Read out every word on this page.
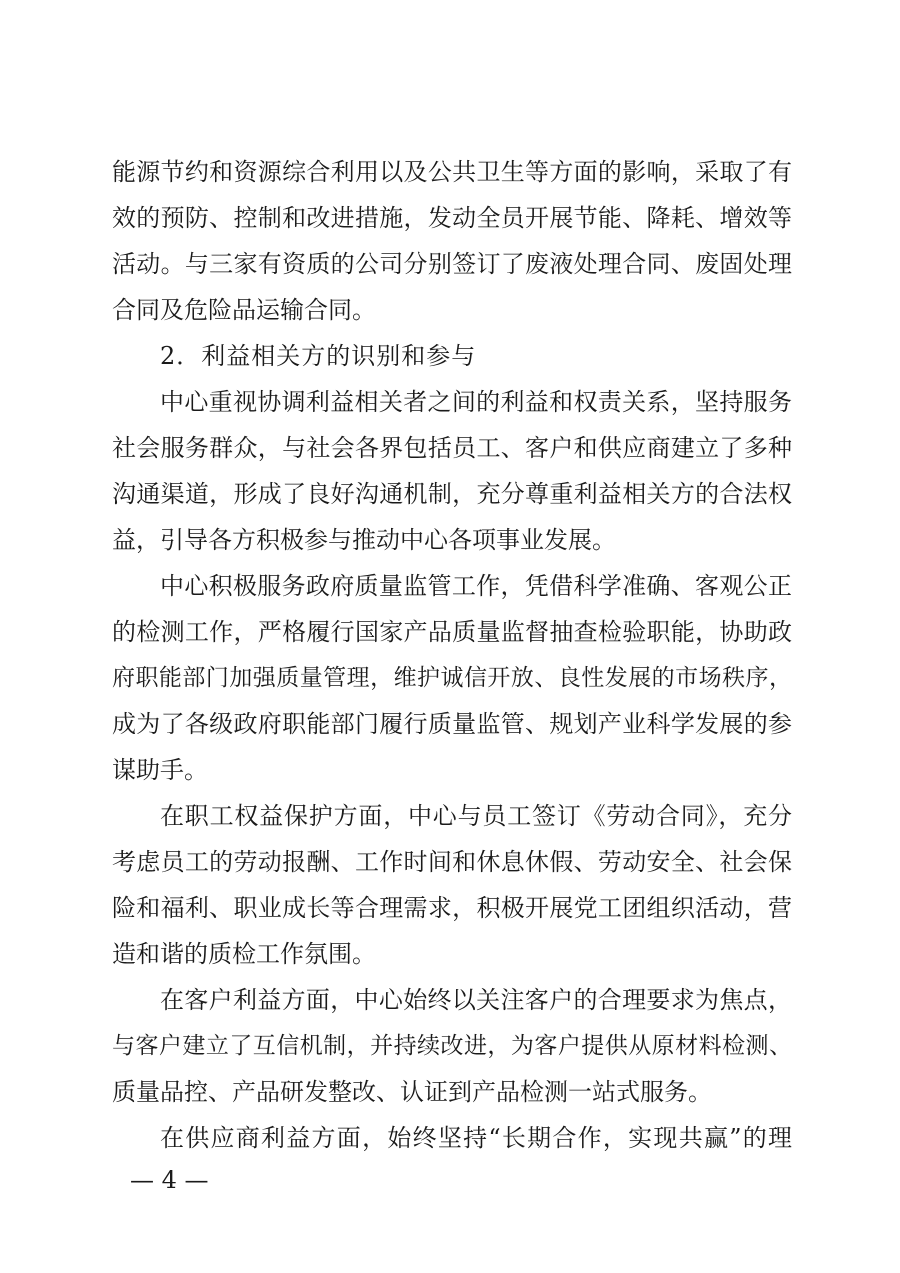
能源节约和资源综合利用以及公共卫生等方面的影响，采取了有
效的预防、控制和改进措施，发动全员开展节能、降耗、增效等
活动。与三家有资质的公司分别签订了废液处理合同、废固处理
合同及危险品运输合同。
2．利益相关方的识别和参与
中心重视协调利益相关者之间的利益和权责关系，坚持服务
社会服务群众，与社会各界包括员工、客户和供应商建立了多种
沟通渠道，形成了良好沟通机制，充分尊重利益相关方的合法权
益，引导各方积极参与推动中心各项事业发展。
中心积极服务政府质量监管工作，凭借科学准确、客观公正
的检测工作，严格履行国家产品质量监督抽查检验职能，协助政
府职能部门加强质量管理，维护诚信开放、良性发展的市场秩序，
成为了各级政府职能部门履行质量监管、规划产业科学发展的参
谋助手。
在职工权益保护方面，中心与员工签订《劳动合同》，充分
考虑员工的劳动报酬、工作时间和休息休假、劳动安全、社会保
险和福利、职业成长等合理需求，积极开展党工团组织活动，营
造和谐的质检工作氛围。
在客户利益方面，中心始终以关注客户的合理要求为焦点，
与客户建立了互信机制，并持续改进，为客户提供从原材料检测、
质量品控、产品研发整改、认证到产品检测一站式服务。
在供应商利益方面，始终坚持“长期合作，实现共赢”的理
— 4 —
